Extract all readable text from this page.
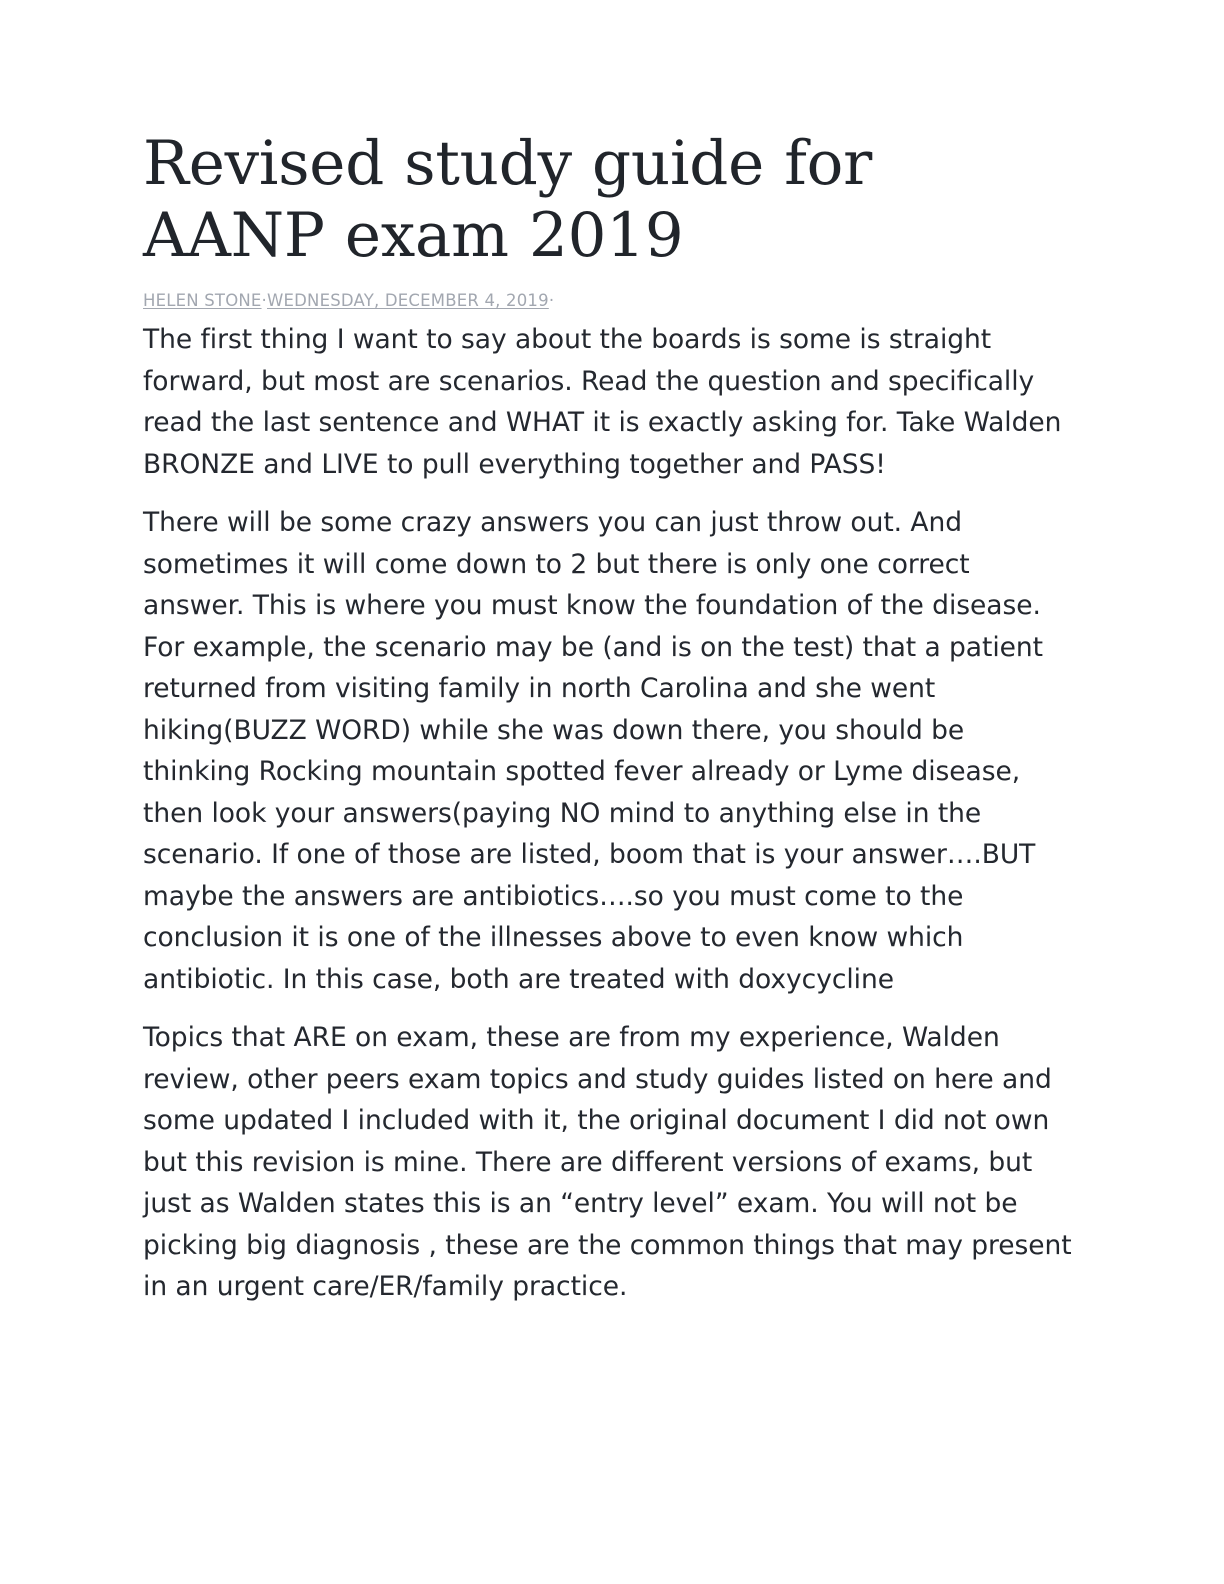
Revised study guide for AANP exam 2019
HELEN STONE·WEDNESDAY, DECEMBER 4, 2019·

The first thing I want to say about the boards is some is straight forward, but most are scenarios. Read the question and specifically read the last sentence and WHAT it is exactly asking for. Take Walden BRONZE and LIVE to pull everything together and PASS!

There will be some crazy answers you can just throw out. And sometimes it will come down to 2 but there is only one correct answer. This is where you must know the foundation of the disease. For example, the scenario may be (and is on the test) that a patient returned from visiting family in north Carolina and she went hiking(BUZZ WORD) while she was down there, you should be thinking Rocking mountain spotted fever already or Lyme disease, then look your answers(paying NO mind to anything else in the scenario. If one of those are listed, boom that is your answer….BUT maybe the answers are antibiotics….so you must come to the conclusion it is one of the illnesses above to even know which antibiotic. In this case, both are treated with doxycycline

Topics that ARE on exam, these are from my experience, Walden review, other peers exam topics and study guides listed on here and some updated I included with it, the original document I did not own but this revision is mine. There are different versions of exams, but just as Walden states this is an “entry level” exam. You will not be picking big diagnosis , these are the common things that may present in an urgent care/ER/family practice.
